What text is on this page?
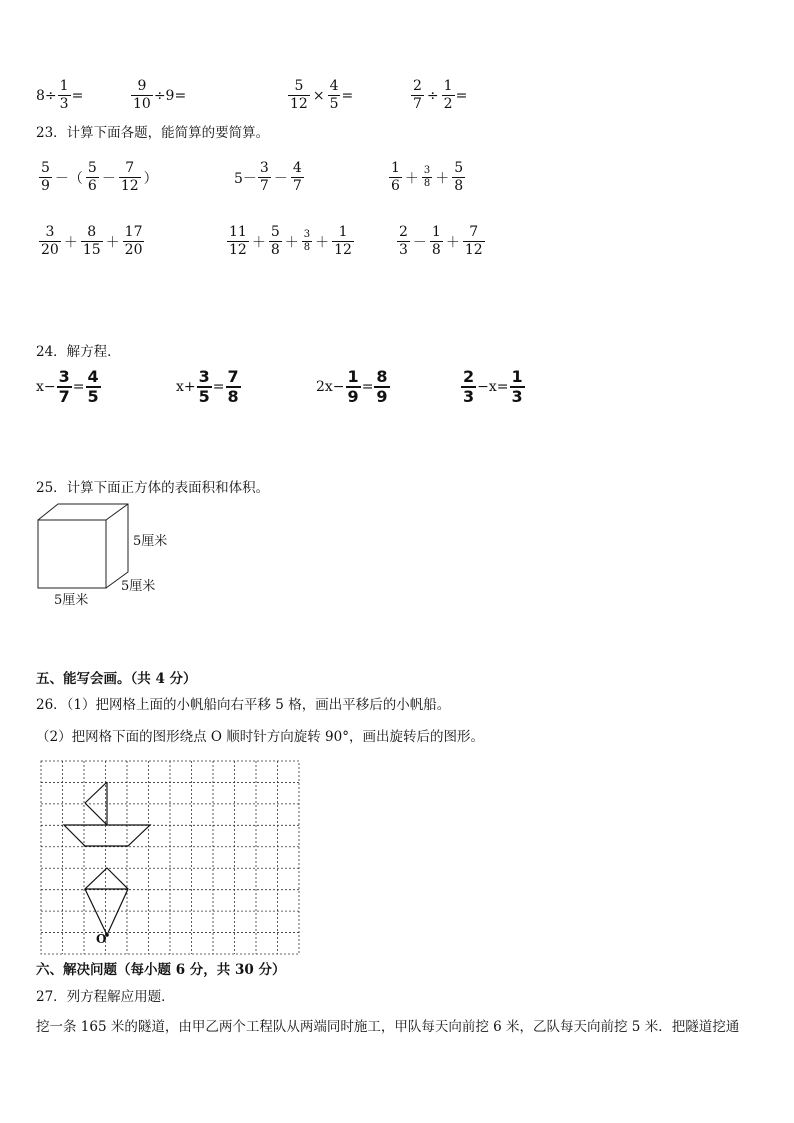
$8\div \frac{1}{3}$ =	$\frac{9}{10} \div 9=$	$\frac{5}{12} \times \frac{4}{5}$ =	$\frac{2}{7} \div \frac{1}{2}$ =
23．计算下面各题，能简算的要简算。
$\frac{5}{9}$ －（ $\frac{5}{6} - \frac{7}{12}$ ）	$5- \frac{3}{7} - \frac{4}{7}$	$\frac{1}{6} + \frac{3}{8} + \frac{5}{8}$
$\frac{3}{20} + \frac{8}{15} + \frac{17}{20}$	$\frac{11}{12} + \frac{5}{8} + \frac{3}{8} + \frac{1}{12}$	$\frac{2}{3} - \frac{1}{8} + \frac{7}{12}$
24．解方程．
$x- \frac{3}{7} = \frac{4}{5}$	$x+ \frac{3}{5} = \frac{7}{8}$	$2x- \frac{1}{9} = \frac{8}{9}$	$\frac{2}{3} -x= \frac{1}{3}$
25．计算下面正方体的表面积和体积。
5厘米
5厘米
5厘米
五、能写会画。（共 4 分）
26．（1）把网格上面的小帆船向右平移 5 格，画出平移后的小帆船。
（2）把网格下面的图形绕点 O 顺时针方向旋转 90°，画出旋转后的图形。
O
六、解决问题（每小题 6 分，共 30 分）
27．列方程解应用题．
挖一条 165 米的隧道，由甲乙两个工程队从两端同时施工，甲队每天向前挖 6 米，乙队每天向前挖 5 米．把隧道挖通
